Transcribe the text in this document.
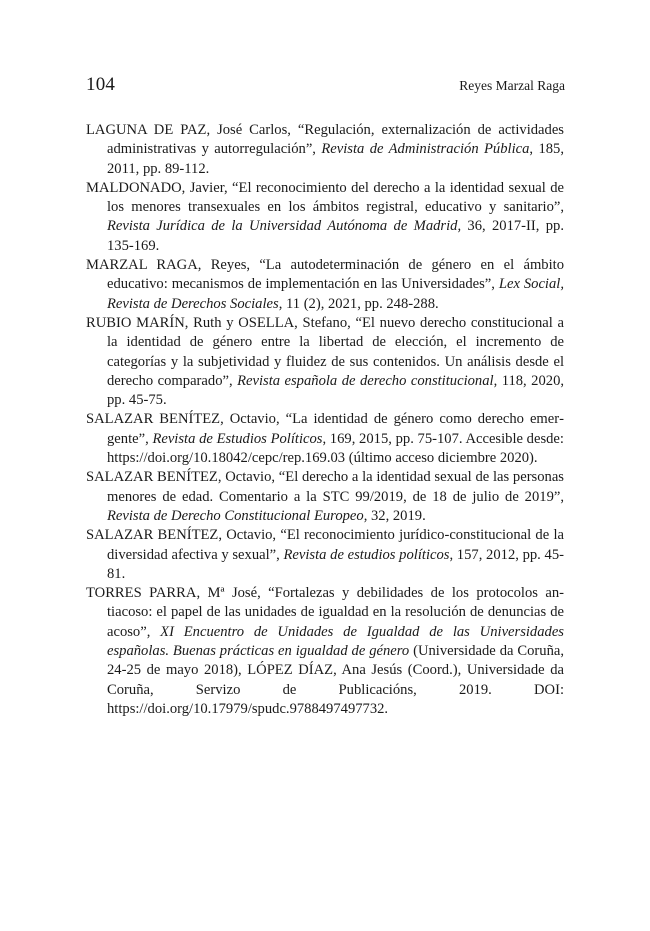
104	Reyes Marzal Raga

LAGUNA DE PAZ, José Carlos, “Regulación, externalización de actividades administrativas y autorregulación”, Revista de Administración Pública, 185, 2011, pp. 89-112.

MALDONADO, Javier, “El reconocimiento del derecho a la identidad sexual de los menores transexuales en los ámbitos registral, educativo y sanitario”, Revista Jurídica de la Universidad Autónoma de Madrid, 36, 2017-II, pp. 135-169.

MARZAL RAGA, Reyes, “La autodeterminación de género en el ámbito educativo: mecanismos de implementación en las Universidades”, Lex Social, Revista de Derechos Sociales, 11 (2), 2021, pp. 248-288.

RUBIO MARÍN, Ruth y OSELLA, Stefano, “El nuevo derecho constitucional a la identidad de género entre la libertad de elección, el incremento de categorías y la subjetividad y fluidez de sus contenidos. Un análisis desde el derecho comparado”, Revista española de derecho constitucional, 118, 2020, pp. 45-75.

SALAZAR BENÍTEZ, Octavio, “La identidad de género como derecho emergente”, Revista de Estudios Políticos, 169, 2015, pp. 75-107. Accesible desde: https://doi.org/10.18042/cepc/rep.169.03 (último acceso diciembre 2020).

SALAZAR BENÍTEZ, Octavio, “El derecho a la identidad sexual de las personas menores de edad. Comentario a la STC 99/2019, de 18 de julio de 2019”, Revista de Derecho Constitucional Europeo, 32, 2019.

SALAZAR BENÍTEZ, Octavio, “El reconocimiento jurídico-constitucional de la diversidad afectiva y sexual”, Revista de estudios políticos, 157, 2012, pp. 45-81.

TORRES PARRA, Mª José, “Fortalezas y debilidades de los protocolos antiacoso: el papel de las unidades de igualdad en la resolución de denuncias de acoso”, XI Encuentro de Unidades de Igualdad de las Universidades españolas. Buenas prácticas en igualdad de género (Universidade da Coruña, 24-25 de mayo 2018), LÓPEZ DÍAZ, Ana Jesús (Coord.), Universidade da Coruña, Servizo de Publicacións, 2019. DOI: https://doi.org/10.17979/spudc.9788497497732.
